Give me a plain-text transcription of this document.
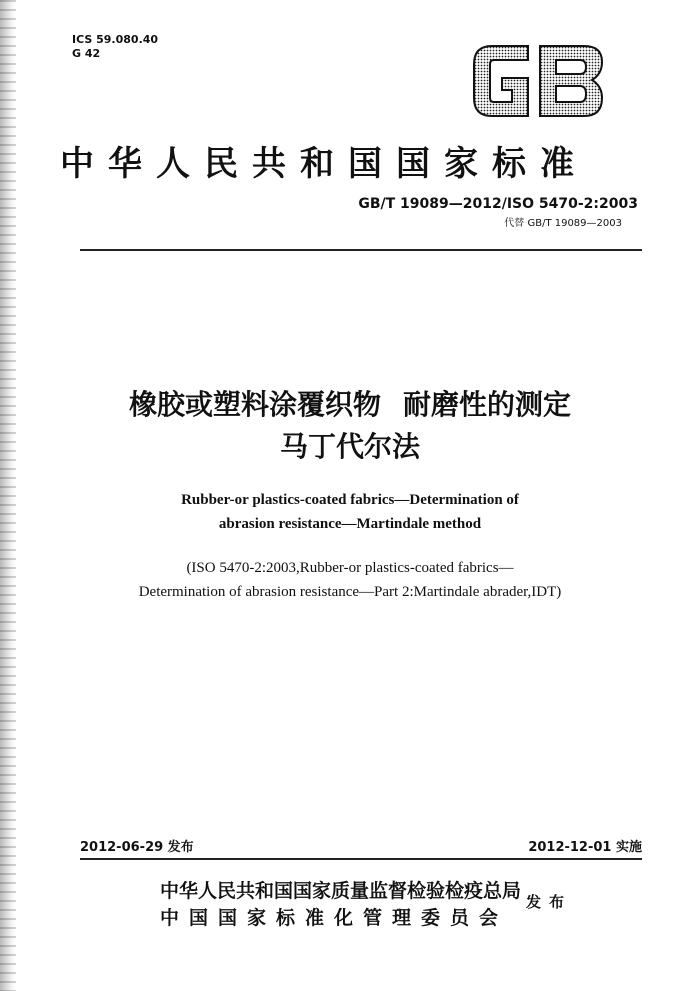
ICS 59.080.40
G 42
GB
中华人民共和国国家标准
GB/T 19089—2012/ISO 5470-2:2003
代替 GB/T 19089—2003
橡胶或塑料涂覆织物 耐磨性的测定
马丁代尔法
Rubber-or plastics-coated fabrics—Determination of
abrasion resistance—Martindale method
(ISO 5470-2:2003,Rubber-or plastics-coated fabrics—
Determination of abrasion resistance—Part 2:Martindale abrader,IDT)
2012-06-29 发布	2012-12-01 实施
中华人民共和国国家质量监督检验检疫总局
中国国家标准化管理委员会
发布
